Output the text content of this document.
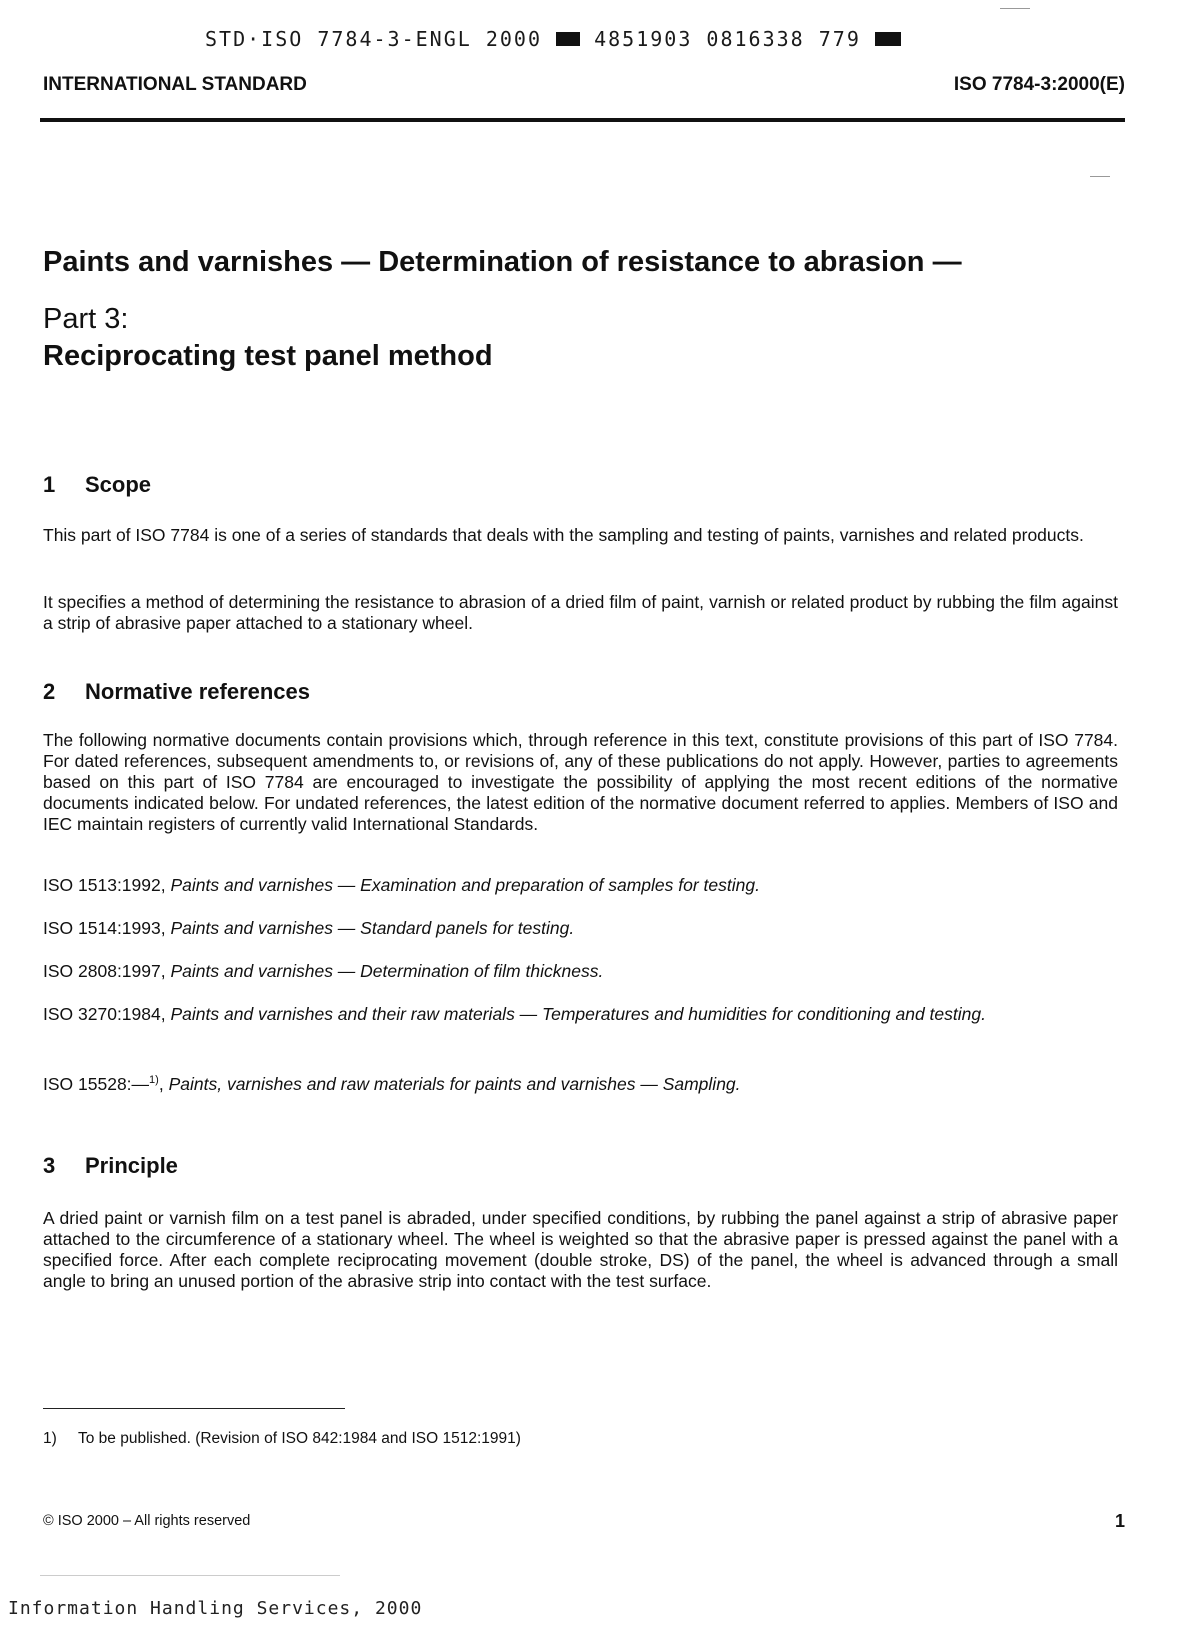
STD·ISO 7784-3-ENGL 2000	4851903 0816338 779
INTERNATIONAL STANDARD	ISO 7784-3:2000(E)
Paints and varnishes — Determination of resistance to abrasion —
Part 3:
Reciprocating test panel method
1 Scope

This part of ISO 7784 is one of a series of standards that deals with the sampling and testing of paints, varnishes and related products.

It specifies a method of determining the resistance to abrasion of a dried film of paint, varnish or related product by rubbing the film against a strip of abrasive paper attached to a stationary wheel.

2 Normative references

The following normative documents contain provisions which, through reference in this text, constitute provisions of this part of ISO 7784. For dated references, subsequent amendments to, or revisions of, any of these publications do not apply. However, parties to agreements based on this part of ISO 7784 are encouraged to investigate the possibility of applying the most recent editions of the normative documents indicated below. For undated references, the latest edition of the normative document referred to applies. Members of ISO and IEC maintain registers of currently valid International Standards.

ISO 1513:1992, Paints and varnishes — Examination and preparation of samples for testing.

ISO 1514:1993, Paints and varnishes — Standard panels for testing.

ISO 2808:1997, Paints and varnishes — Determination of film thickness.

ISO 3270:1984, Paints and varnishes and their raw materials — Temperatures and humidities for conditioning and testing.

ISO 15528:—$^{1)}$, Paints, varnishes and raw materials for paints and varnishes — Sampling.

3 Principle

A dried paint or varnish film on a test panel is abraded, under specified conditions, by rubbing the panel against a strip of abrasive paper attached to the circumference of a stationary wheel. The wheel is weighted so that the abrasive paper is pressed against the panel with a specified force. After each complete reciprocating movement (double stroke, DS) of the panel, the wheel is advanced through a small angle to bring an unused portion of the abrasive strip into contact with the test surface.

1) To be published. (Revision of ISO 842:1984 and ISO 1512:1991)
© ISO 2000 – All rights reserved	1
Information Handling Services, 2000
